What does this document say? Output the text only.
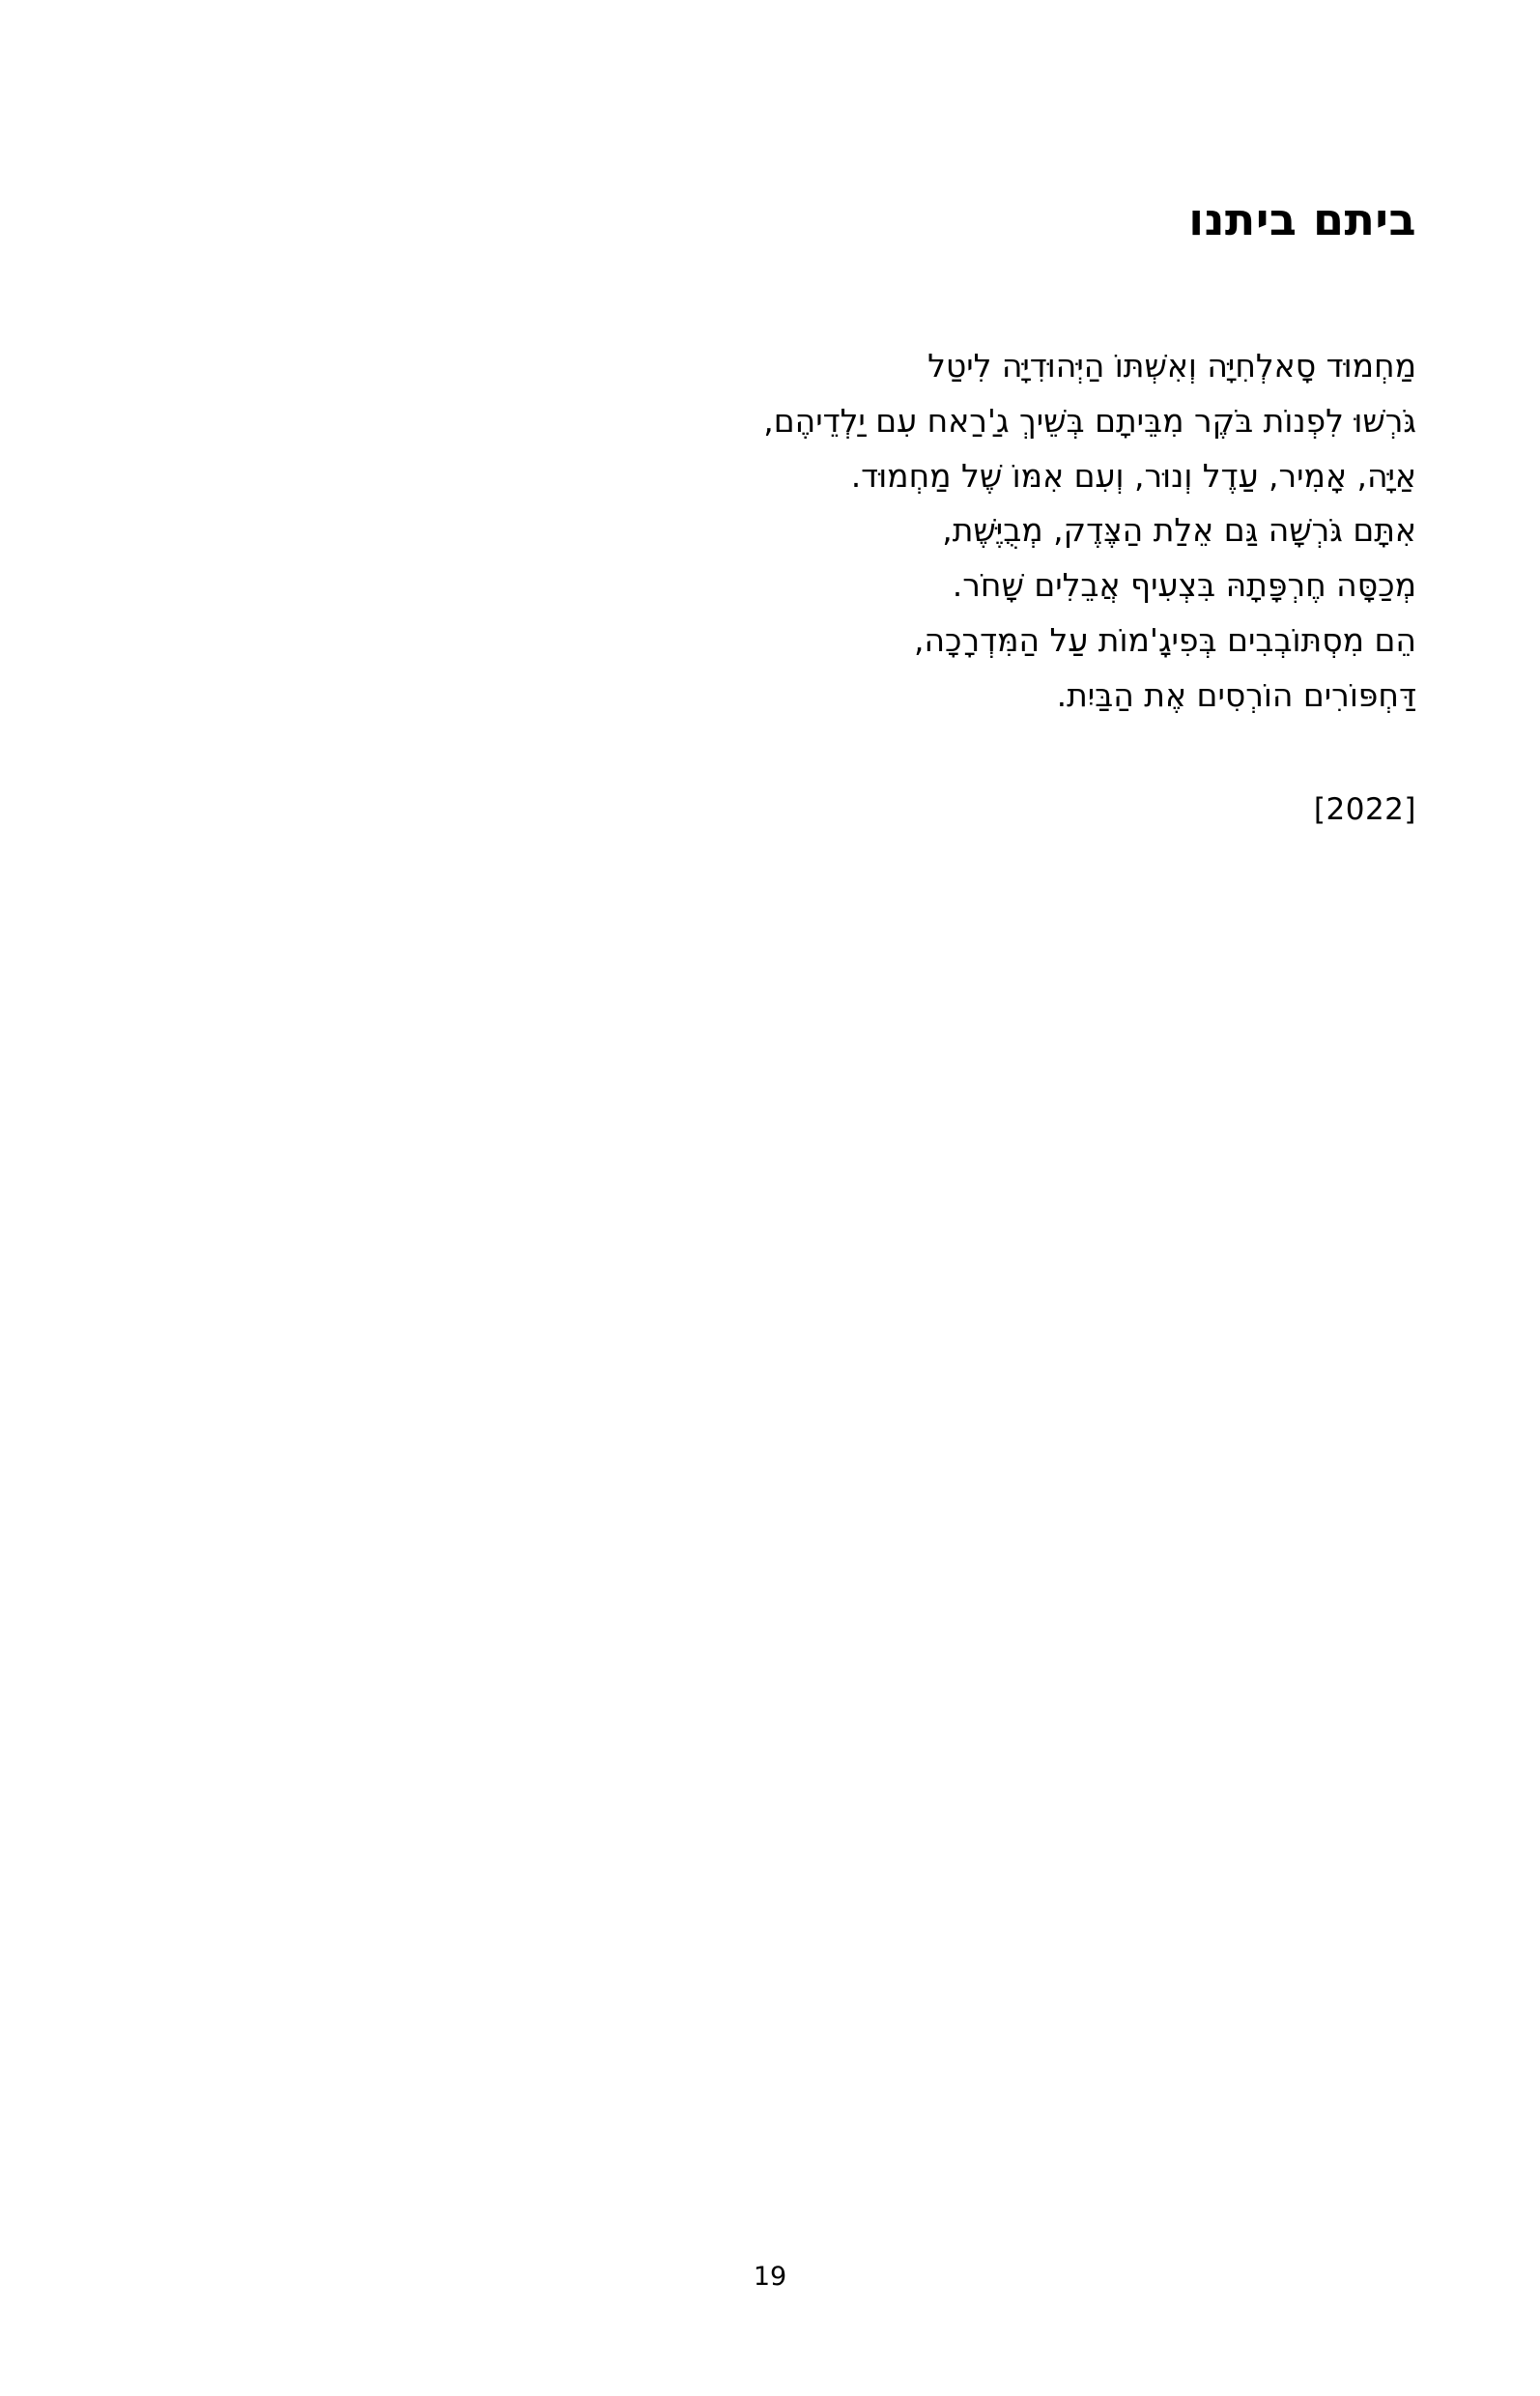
ביתם ביתנו
מַחְמוּד סָאלְחִיָּה וְאִשְׁתּוֹ הַיְּהוּדִיָּה לִיטַל
גֹּרְשׁוּ לִפְנוֹת בֹּקֶר מִבֵּיתָם בְּשֵׁיךְ ג'ַרַאח עִם יַלְדֵיהֶם,
אַיָּה, אָמִיר, עַדֶל וְנוּר, וְעִם אִמּוֹ שֶׁל מַחְמוּד.
אִתָּם גֹּרְשָׁה גַּם אֵלַת הַצֶּדֶק, מְבֻיֶּשֶׁת,
מְכַסָּה חֶרְפָּתָהּ בִּצְעִיף אֲבֵלִים שָׁחֹר.
הֵם מִסְתּוֹבְבִים בְּפִיגָ'מוֹת עַל הַמִּדְרָכָה,
דַּחְפּוֹרִים הוֹרְסִים אֶת הַבַּיִת.
[2022]
19
